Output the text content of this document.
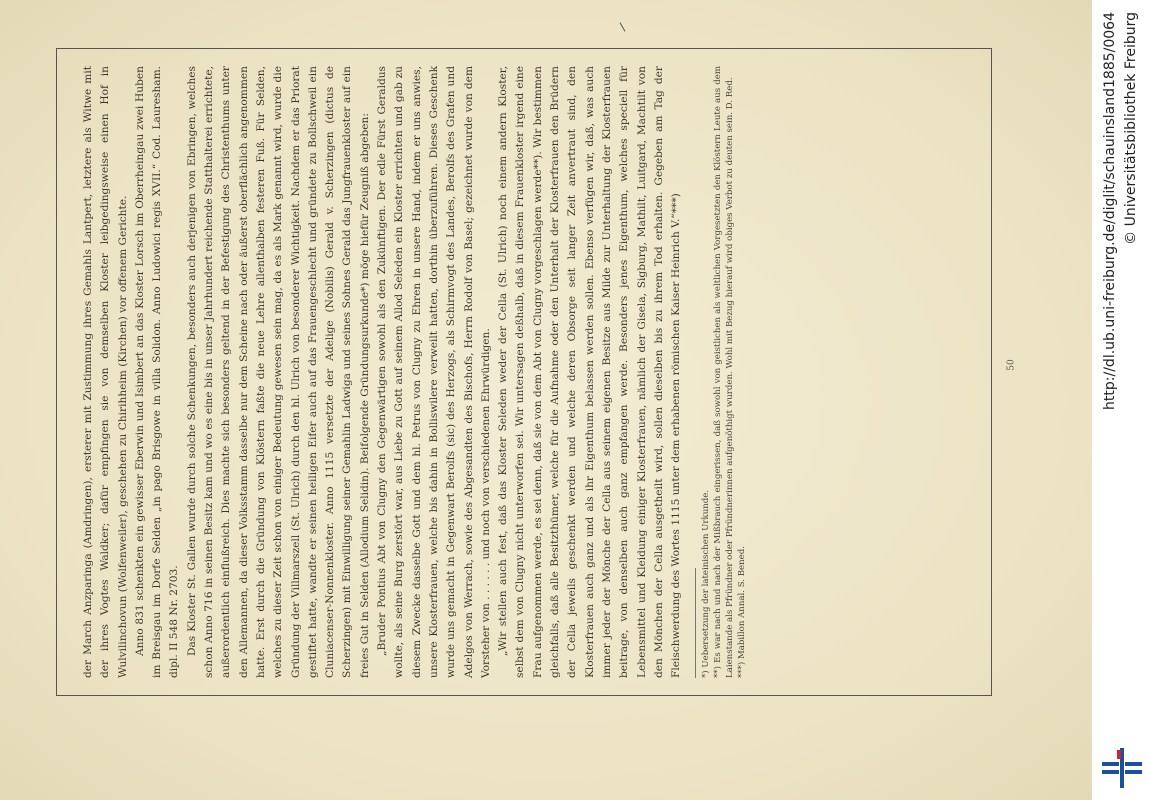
der March Anzparinga (Amdringen), ersterer mit Zustimmung ihres Gemahls Lantpert, letztere als Witwe mit der ihres Vogtes Waldker; dafür empfingen sie von demselben Kloster leibgedingsweise einen Hof in Wulvilinchovun (Wolfenweiler), geschehen zu Chirihheim (Kirchen) vor offenem Gerichte. Anno 831 schenkten ein gewisser Eberwin und Isimbert an das Kloster Lorsch im Oberrheingau zwei Huben im Breisgau im Dorfe Selden „in pago Brisgowe in villa Solidon. Anno Ludowici regis XVII.“ Cod. Lauresham. dipl. II 548 Nr. 2703. Das Kloster St. Gallen wurde durch solche Schenkungen, besonders auch derjenigen von Ebringen, welches schon Anno 716 in seinen Besitz kam und wo es eine bis in unser Jahrhundert reichende Statthalterei errichtete, außerordentlich einflußreich. Dies machte sich besonders geltend in der Befestigung des Christenthums unter den Allemannen, da dieser Volksstamm dasselbe nur dem Scheine nach oder äußerst oberflächlich angenommen hatte. Erst durch die Gründung von Klöstern faßte die neue Lehre allenthalben festeren Fuß. Für Selden, welches zu dieser Zeit schon von einiger Bedeutung gewesen sein mag, da es als Mark genannt wird, wurde die Gründung der Villmarszell (St. Ulrich) durch den hl. Ulrich von besonderer Wichtigkeit. Nachdem er das Priorat gestiftet hatte, wandte er seinen heiligen Eifer auch auf das Frauengeschlecht und gründete zu Bollschweil ein Cluniacenser-Nonnenkloster. Anno 1115 versetzte der Adelige (Nobilis) Gerald v. Scherzingen (dictus de Scherzingen) mit Einwilligung seiner Gemahlin Ladwiga und seines Sohnes Gerald das Jungfrauenkloster auf ein freies Gut in Selden (Allodium Selidin). Beifolgende Gründungsurkunde*) möge hiefür Zeugniß abgeben: „Bruder Pontius Abt von Clugny den Gegenwärtigen sowohl als den Zukünftigen. Der edle Fürst Geraldus wollte, als seine Burg zerstört war, aus Liebe zu Gott auf seinem Allod Seleden ein Kloster errichten und gab zu diesem Zwecke dasselbe Gott und dem hl. Petrus von Clugny zu Ehren in unsere Hand, indem er uns anwies, unsere Klosterfrauen, welche bis dahin in Bolliswilere verweilt hatten, dorthin überzuführen. Dieses Geschenk wurde uns gemacht in Gegenwart Berolfs (sic) des Herzogs, als Schirmvogt des Landes, Berolfs des Grafen und Adelgos von Werrach, sowie des Abgesandten des Bischofs, Herrn Rodolf von Basel; gezeichnet wurde von dem Vorsteher von . . . . . . und noch von verschiedenen Ehrwürdigen. „Wir stellen auch fest, daß das Kloster Seleden weder der Cella (St. Ulrich) noch einem andern Kloster, selbst dem von Clugny nicht unterworfen sei. Wir untersagen deßhalb, daß in diesem Frauenkloster irgend eine Frau aufgenommen werde, es sei denn, daß sie von dem Abt von Clugny vorgeschlagen werde**). Wir bestimmen gleichfalls, daß alle Besitzthümer, welche für die Aufnahme oder den Unterhalt der Klosterfrauen den Brüdern der Cella jeweils geschenkt werden und welche deren Obsorge seit langer Zeit anvertraut sind, den Klosterfrauen auch ganz und als ihr Eigenthum belassen werden sollen. Ebenso verfügen wir, daß, was auch immer jeder der Mönche der Cella aus seinem eigenen Besitze aus Milde zur Unterhaltung der Klosterfrauen beitrage, von denselben auch ganz empfangen werde. Besonders jenes Eigenthum, welches speciell für Lebensmittel und Kleidung einiger Klosterfrauen, nämlich der Gisela, Sigburg, Mathilt, Luitgard, Machtilt von den Mönchen der Cella ausgetheilt wird, sollen dieselben bis zu ihrem Tod erhalten. Gegeben am Tag der Fleischwerdung des Wortes 1115 unter dem erhabenen römischen Kaiser Heinrich V.“***)	*) Uebersetzung der lateinischen Urkunde. **) Es war nach und nach der Mißbrauch eingerissen, daß sowohl von geistlichen als weltlichen Vorgesetzten den Klöstern Leute aus dem Laienstande als Pfründner oder Pfründnerinnen aufgenöthigt wurden. Wohl mit Bezug hierauf wird obiges Verbot zu deuten sein. D. Red. ***) Mabillon Annal. S. Bened.

50	http://dl.ub.uni-freiburg.de/diglit/schauinsland1885/0064 © Universitätsbibliothek Freiburg
